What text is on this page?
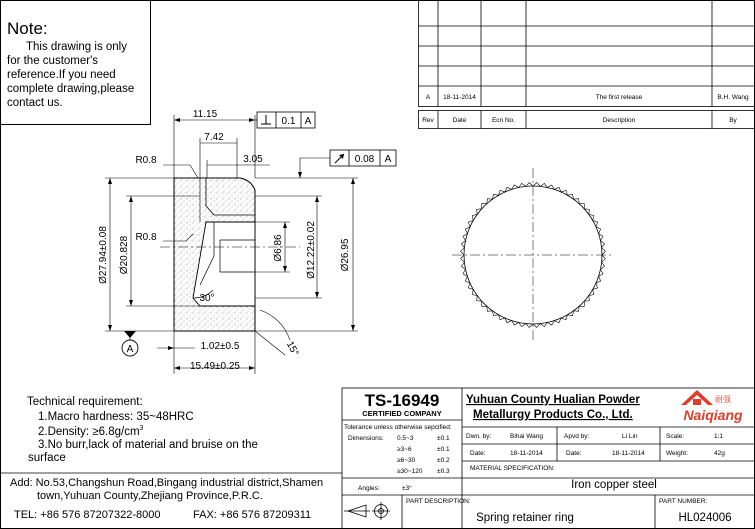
Note:
This drawing is only
for the customer's
reference.If you need
complete drawing,please
contact us.	A 18-11-2014	The first release	B.H. Wang
Rev	Date	Ecn No.	Description	By
0.1 A
0.08 A
11.15
7.42
3.05
R0.8
R0.8
Ø27.94±0.08 Ø20.828	Ø6.86 Ø12.22±0.02 Ø26.95
30°
15°
1.02±0.5
15.49±0.25
A
Technical requirement:
1.Macro hardness: 35~48HRC
2.Density: $\ge 6.8g/cm^3$
3.No burr,lack of material and bruise on the
surface
Add: No.53,Changshun Road,Bingang industrial district,Shamen
town,Yuhuan County,Zhejiang Province,P.R.C.
TEL: +86 576 87207322-8000	FAX: +86 576 87209311
TS-16949
CERTIFIED COMPANY
Yuhuan County Hualian Powder
Metallurgy Products Co., Ltd.
耐强
Naiqiang
Tolerance unless otherwise sepcified:
Dimensions: 0.5~3	±0.1
≥3~6	±0.1
≥6~30	±0.2
≥30~120 ±0.3
Angles:	±3°
Dwn. by:	Bihai Wang	Apvd by:	Li Lin	Scale:	1:1
Date:	18-11-2014	Date:	18-11-2014	Weight:	42g
MATERIAL SPECIFICATION:
Iron copper steel
PART DESCRIPTION:
Spring retainer ring
PART NUMBER:
HL024006
